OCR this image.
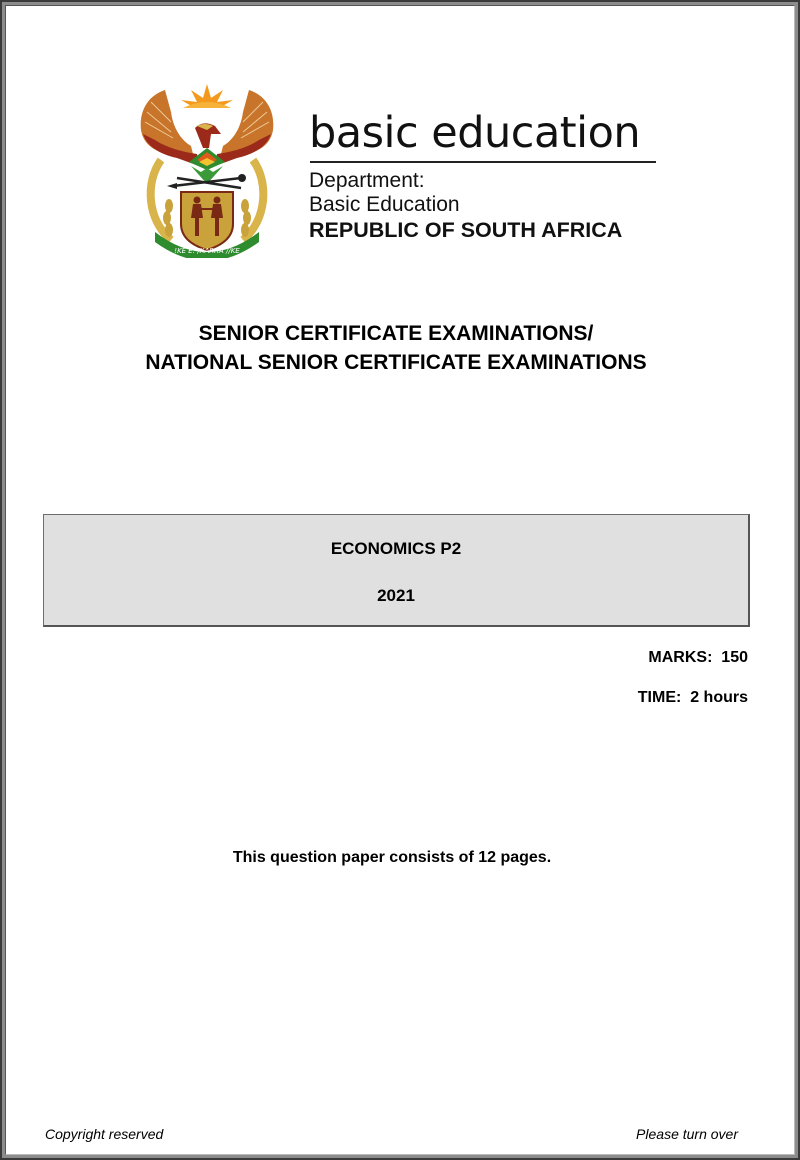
!KE E: /XARRA //KE
basic education
Department:
Basic Education
REPUBLIC OF SOUTH AFRICA
SENIOR CERTIFICATE EXAMINATIONS/
NATIONAL SENIOR CERTIFICATE EXAMINATIONS
ECONOMICS P2
2021
MARKS:  150
TIME:  2 hours
This question paper consists of 12 pages.
Copyright reserved	Please turn over
